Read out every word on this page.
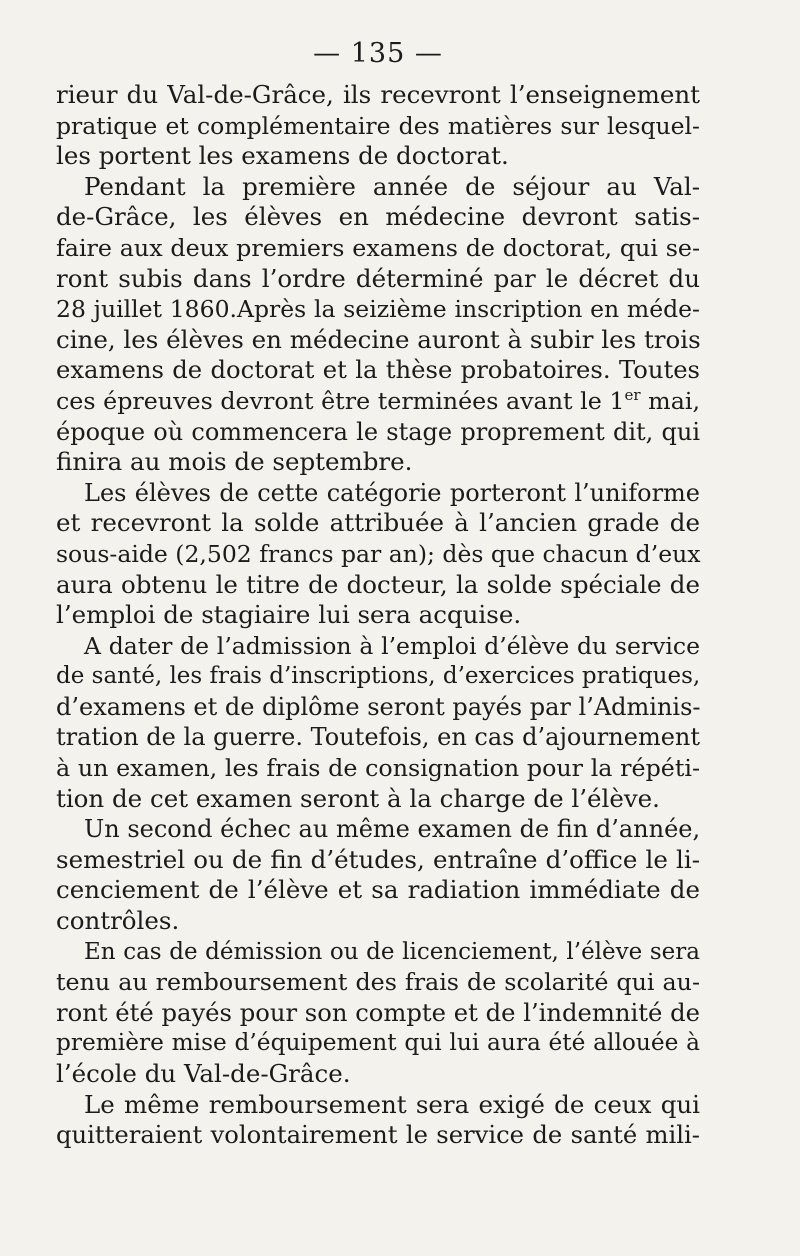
— 135 —
rieur du Val-de-Grâce, ils recevront l’enseignement
pratique et complémentaire des matières sur lesquel-
les portent les examens de doctorat.
Pendant la première année de séjour au Val-
de-Grâce, les élèves en médecine devront satis-
faire aux deux premiers examens de doctorat, qui se-
ront subis dans l’ordre déterminé par le décret du
28 juillet 1860.Après la seizième inscription en méde-
cine, les élèves en médecine auront à subir les trois
examens de doctorat et la thèse probatoires. Toutes
ces épreuves devront être terminées avant le 1er mai,
époque où commencera le stage proprement dit, qui
finira au mois de septembre.
Les élèves de cette catégorie porteront l’uniforme
et recevront la solde attribuée à l’ancien grade de
sous-aide (2,502 francs par an); dès que chacun d’eux
aura obtenu le titre de docteur, la solde spéciale de
l’emploi de stagiaire lui sera acquise.
A dater de l’admission à l’emploi d’élève du service
de santé, les frais d’inscriptions, d’exercices pratiques,
d’examens et de diplôme seront payés par l’Adminis-
tration de la guerre. Toutefois, en cas d’ajournement
à un examen, les frais de consignation pour la répéti-
tion de cet examen seront à la charge de l’élève.
Un second échec au même examen de fin d’année,
semestriel ou de fin d’études, entraîne d’office le li-
cenciement de l’élève et sa radiation immédiate de
contrôles.
En cas de démission ou de licenciement, l’élève sera
tenu au remboursement des frais de scolarité qui au-
ront été payés pour son compte et de l’indemnité de
première mise d’équipement qui lui aura été allouée à
l’école du Val-de-Grâce.
Le même remboursement sera exigé de ceux qui
quitteraient volontairement le service de santé mili-
